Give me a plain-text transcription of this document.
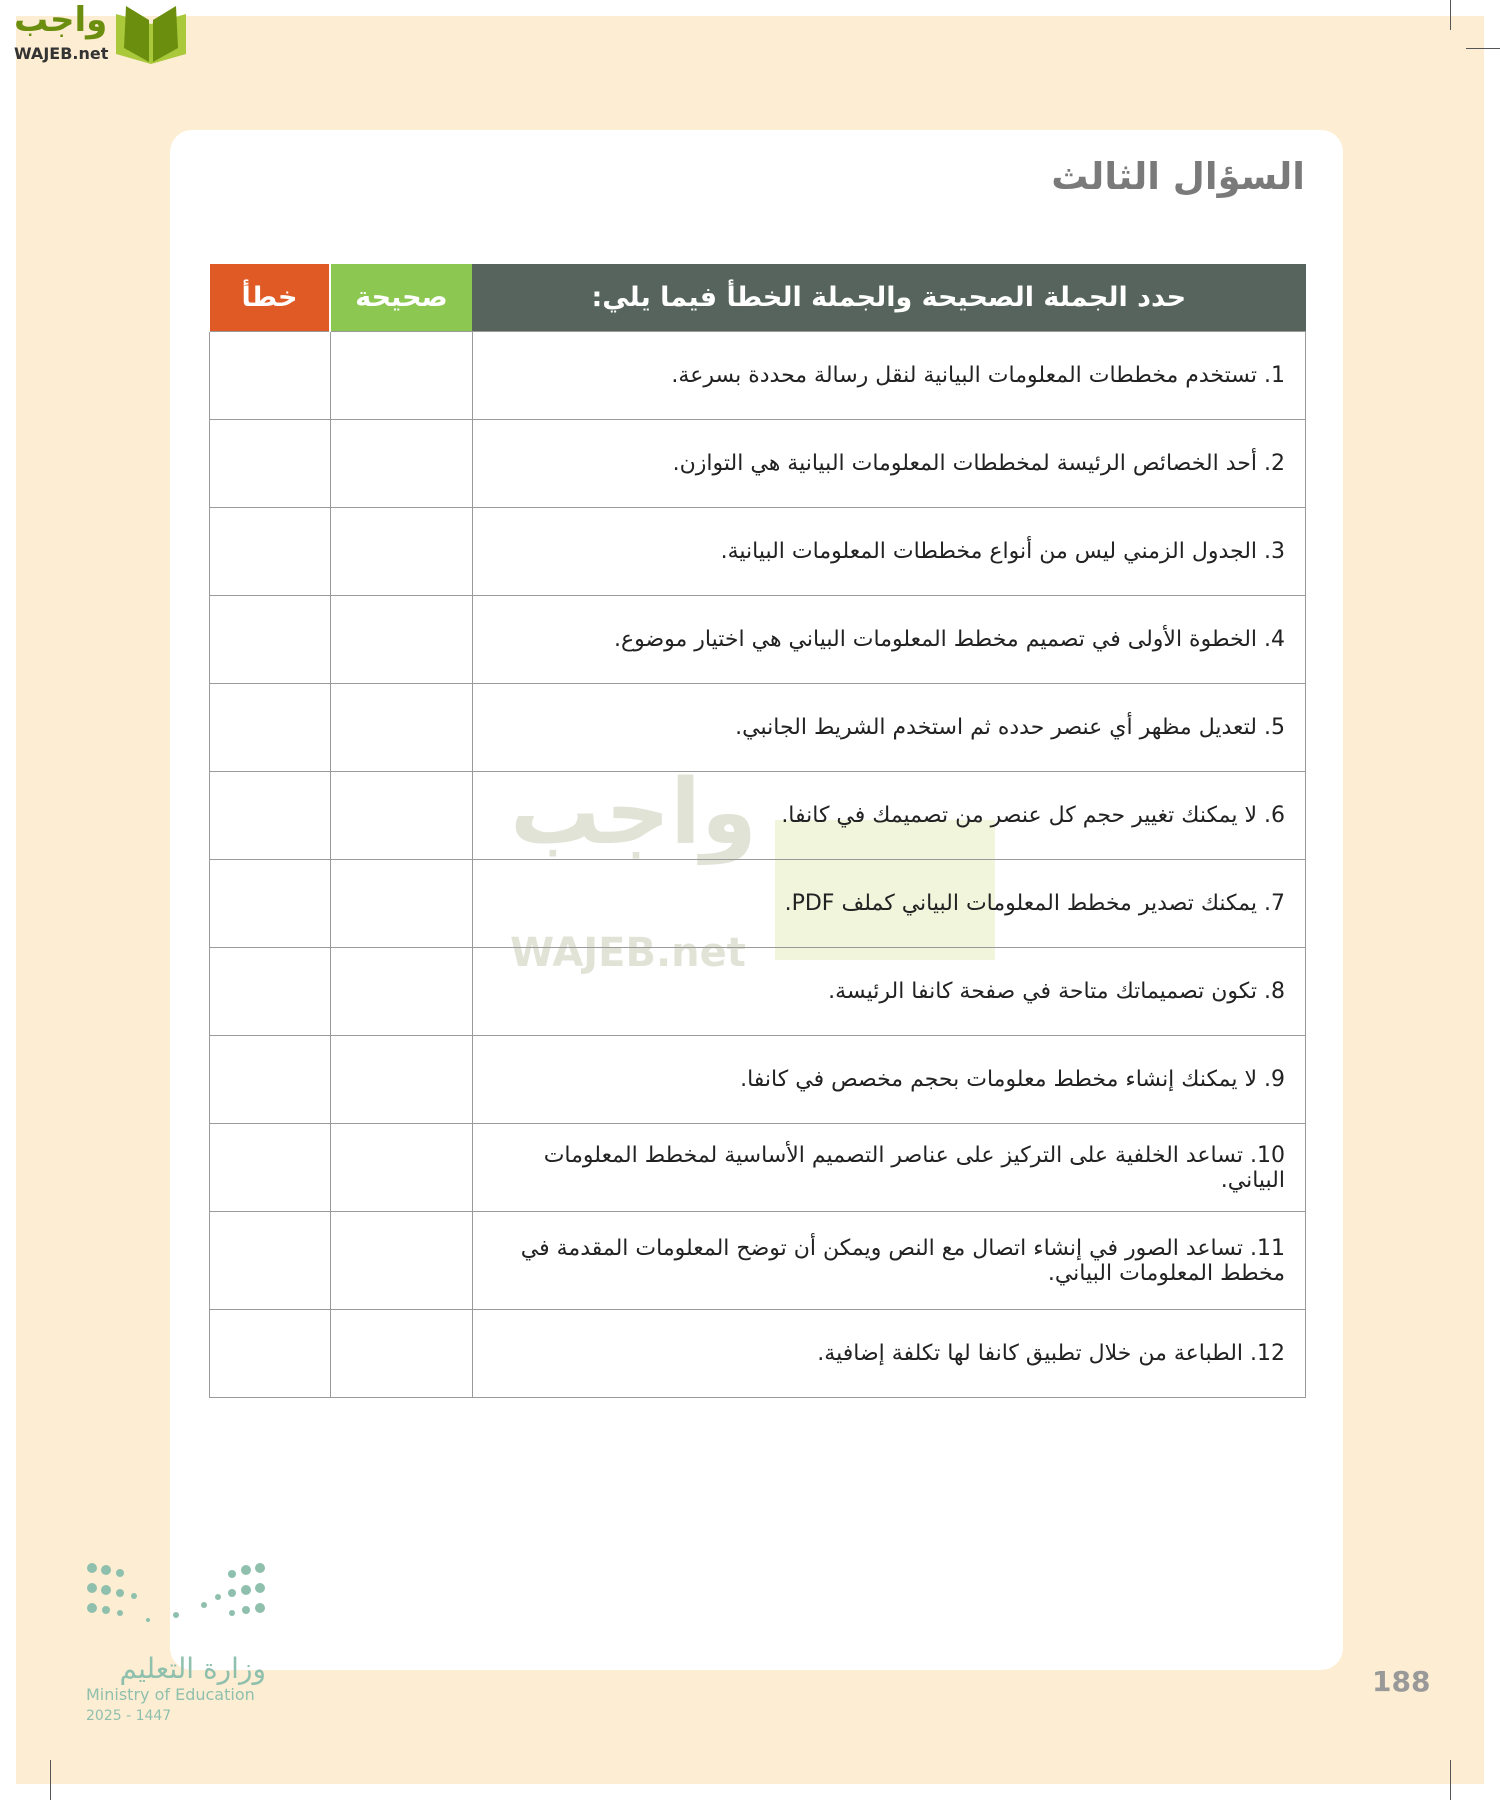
واجب
WAJEB.net
السؤال الثالث
واجب
WAJEB.net
حدد الجملة الصحيحة والجملة الخطأ فيما يلي:	صحيحة	خطأ
1. تستخدم مخططات المعلومات البيانية لنقل رسالة محددة بسرعة.		
2. أحد الخصائص الرئيسة لمخططات المعلومات البيانية هي التوازن.		
3. الجدول الزمني ليس من أنواع مخططات المعلومات البيانية.		
4. الخطوة الأولى في تصميم مخطط المعلومات البياني هي اختيار موضوع.		
5. لتعديل مظهر أي عنصر حدده ثم استخدم الشريط الجانبي.		
6. لا يمكنك تغيير حجم كل عنصر من تصميمك في كانفا.		
7. يمكنك تصدير مخطط المعلومات البياني كملف PDF.		
8. تكون تصميماتك متاحة في صفحة كانفا الرئيسة.		
9. لا يمكنك إنشاء مخطط معلومات بحجم مخصص في كانفا.		
10. تساعد الخلفية على التركيز على عناصر التصميم الأساسية لمخطط المعلومات البياني.		
11. تساعد الصور في إنشاء اتصال مع النص ويمكن أن توضح المعلومات المقدمة في مخطط المعلومات البياني.		
12. الطباعة من خلال تطبيق كانفا لها تكلفة إضافية.		
وزارة التعليم
Ministry of Education
2025 - 1447
188
